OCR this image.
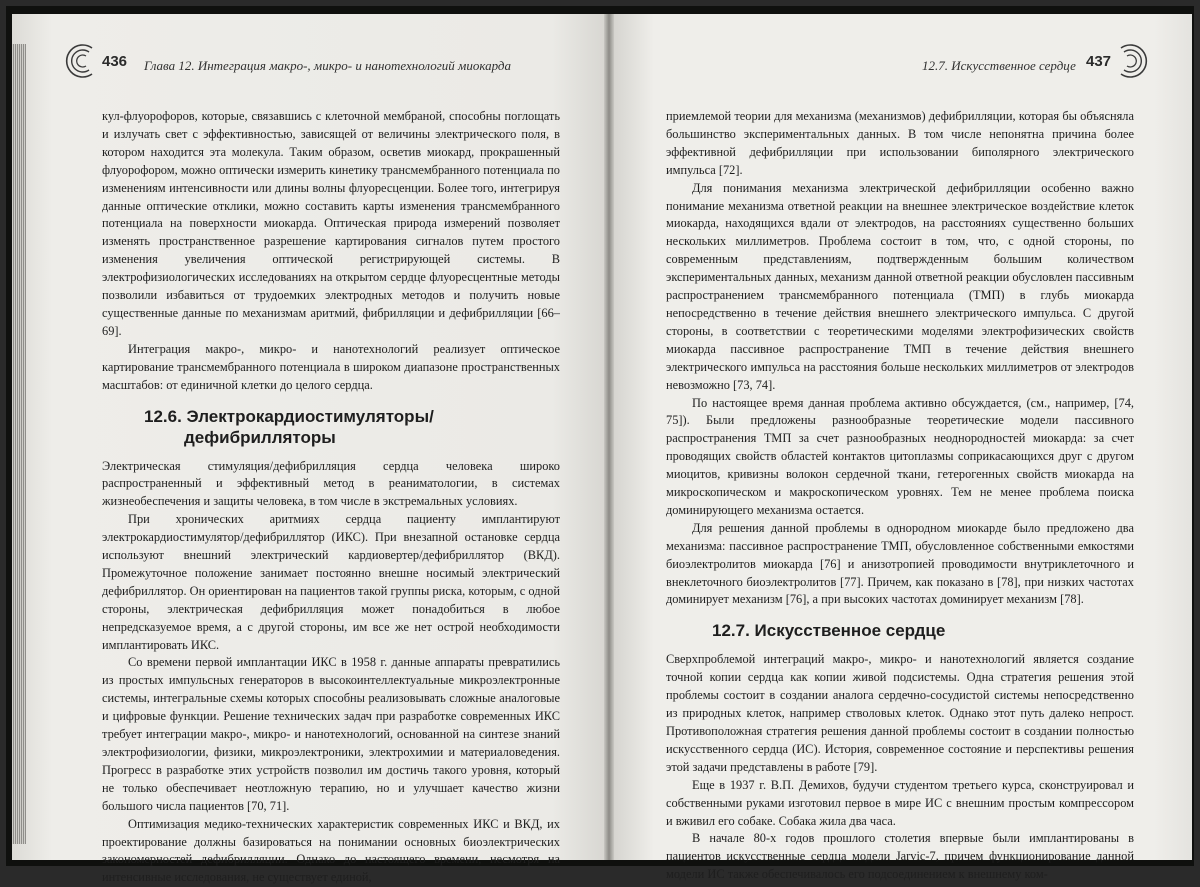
436 Глава 12. Интеграция макро-, микро- и нанотехнологий миокарда

кул-флуорофоров, которые, связавшись с клеточной мембраной, способны поглощать и излучать свет с эффективностью, зависящей от величины электрического поля, в котором находится эта молекула. Таким образом, осветив миокард, прокрашенный флуорофором, можно оптически измерить кинетику трансмембранного потенциала по изменениям интенсивности или длины волны флуоресценции. Более того, интегрируя данные оптические отклики, можно составить карты изменения трансмембранного потенциала на поверхности миокарда. Оптическая природа измерений позволяет изменять пространственное разрешение картирования сигналов путем простого изменения увеличения оптической регистрирующей системы. В электрофизиологических исследованиях на открытом сердце флуоресцентные методы позволили избавиться от трудоемких электродных методов и получить новые существенные данные по механизмам аритмий, фибрилляции и дефибрилляции [66–69].

Интеграция макро-, микро- и нанотехнологий реализует оптическое картирование трансмембранного потенциала в широком диапазоне пространственных масштабов: от единичной клетки до целого сердца.

12.6. Электрокардиостимуляторы/
дефибрилляторы

Электрическая стимуляция/дефибрилляция сердца человека широко распространенный и эффективный метод в реаниматологии, в системах жизнеобеспечения и защиты человека, в том числе в экстремальных условиях.

При хронических аритмиях сердца пациенту имплантируют электрокардиостимулятор/дефибриллятор (ИКС). При внезапной остановке сердца используют внешний электрический кардиовертер/дефибриллятор (ВКД). Промежуточное положение занимает постоянно внешне носимый электрический дефибриллятор. Он ориентирован на пациентов такой группы риска, которым, с одной стороны, электрическая дефибрилляция может понадобиться в любое непредсказуемое время, а с другой стороны, им все же нет острой необходимости имплантировать ИКС.

Со времени первой имплантации ИКС в 1958 г. данные аппараты превратились из простых импульсных генераторов в высокоинтеллектуальные микроэлектронные системы, интегральные схемы которых способны реализовывать сложные аналоговые и цифровые функции. Решение технических задач при разработке современных ИКС требует интеграции макро-, микро- и нанотехнологий, основанной на синтезе знаний электрофизиологии, физики, микроэлектроники, электрохимии и материаловедения. Прогресс в разработке этих устройств позволил им достичь такого уровня, который не только обеспечивает неотложную терапию, но и улучшает качество жизни большого числа пациентов [70, 71].

Оптимизация медико-технических характеристик современных ИКС и ВКД, их проектирование должны базироваться на понимании основных биоэлектрических закономерностей дефибрилляции. Однако до настоящего времени, несмотря на интенсивные исследования, не существует единой,

12.7. Искусственное сердце 437

приемлемой теории для механизма (механизмов) дефибрилляции, которая бы объясняла большинство экспериментальных данных. В том числе непонятна причина более эффективной дефибрилляции при использовании биполярного электрического импульса [72].

Для понимания механизма электрической дефибрилляции особенно важно понимание механизма ответной реакции на внешнее электрическое воздействие клеток миокарда, находящихся вдали от электродов, на расстояниях существенно больших нескольких миллиметров. Проблема состоит в том, что, с одной стороны, по современным представлениям, подтвержденным большим количеством экспериментальных данных, механизм данной ответной реакции обусловлен пассивным распространением трансмембранного потенциала (ТМП) в глубь миокарда непосредственно в течение действия внешнего электрического импульса. С другой стороны, в соответствии с теоретическими моделями электрофизических свойств миокарда пассивное распространение ТМП в течение действия внешнего электрического импульса на расстояния больше нескольких миллиметров от электродов невозможно [73, 74].

По настоящее время данная проблема активно обсуждается, (см., например, [74, 75]). Были предложены разнообразные теоретические модели пассивного распространения ТМП за счет разнообразных неоднородностей миокарда: за счет проводящих свойств областей контактов цитоплазмы соприкасающихся друг с другом миоцитов, кривизны волокон сердечной ткани, гетерогенных свойств миокарда на микроскопическом и макроскопическом уровнях. Тем не менее проблема поиска доминирующего механизма остается.

Для решения данной проблемы в однородном миокарде было предложено два механизма: пассивное распространение ТМП, обусловленное собственными емкостями биоэлектролитов миокарда [76] и анизотропией проводимости внутриклеточного и внеклеточного биоэлектролитов [77]. Причем, как показано в [78], при низких частотах доминирует механизм [76], а при высоких частотах доминирует механизм [78].

12.7. Искусственное сердце

Сверхпроблемой интеграций макро-, микро- и нанотехнологий является создание точной копии сердца как копии живой подсистемы. Одна стратегия решения этой проблемы состоит в создании аналога сердечно-сосудистой системы непосредственно из природных клеток, например стволовых клеток. Однако этот путь далеко непрост. Противоположная стратегия решения данной проблемы состоит в создании полностью искусственного сердца (ИС). История, современное состояние и перспективы решения этой задачи представлены в работе [79].

Еще в 1937 г. В.П. Демихов, будучи студентом третьего курса, сконструировал и собственными руками изготовил первое в мире ИС с внешним простым компрессором и вживил его собаке. Собака жила два часа.

В начале 80-х годов прошлого столетия впервые были имплантированы в пациентов искусственные сердца модели Jarvic-7, причем функционирование данной модели ИС также обеспечивалось его подсоединением к внешнему ком-
